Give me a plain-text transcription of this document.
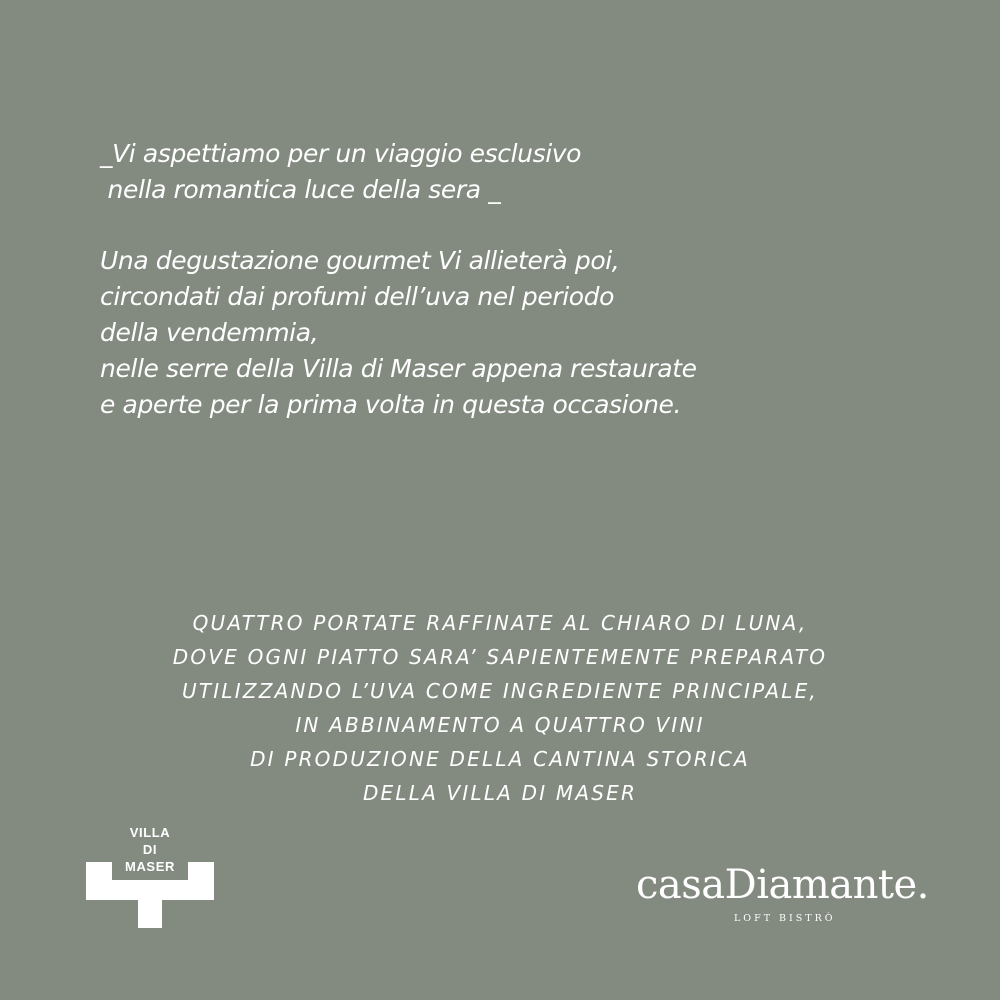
_Vi aspettiamo per un viaggio esclusivo
nella romantica luce della sera _
Una degustazione gourmet Vi allieterà poi,
circondati dai profumi dell’uva nel periodo
della vendemmia,
nelle serre della Villa di Maser appena restaurate
e aperte per la prima volta in questa occasione.
QUATTRO PORTATE RAFFINATE AL CHIARO DI LUNA,
DOVE OGNI PIATTO SARA’ SAPIENTEMENTE PREPARATO
UTILIZZANDO L’UVA COME INGREDIENTE PRINCIPALE,
IN ABBINAMENTO A QUATTRO VINI
DI PRODUZIONE DELLA CANTINA STORICA
DELLA VILLA DI MASER
VILLA
DI
MASER	casaDiamante.
LOFT BISTRÒ
